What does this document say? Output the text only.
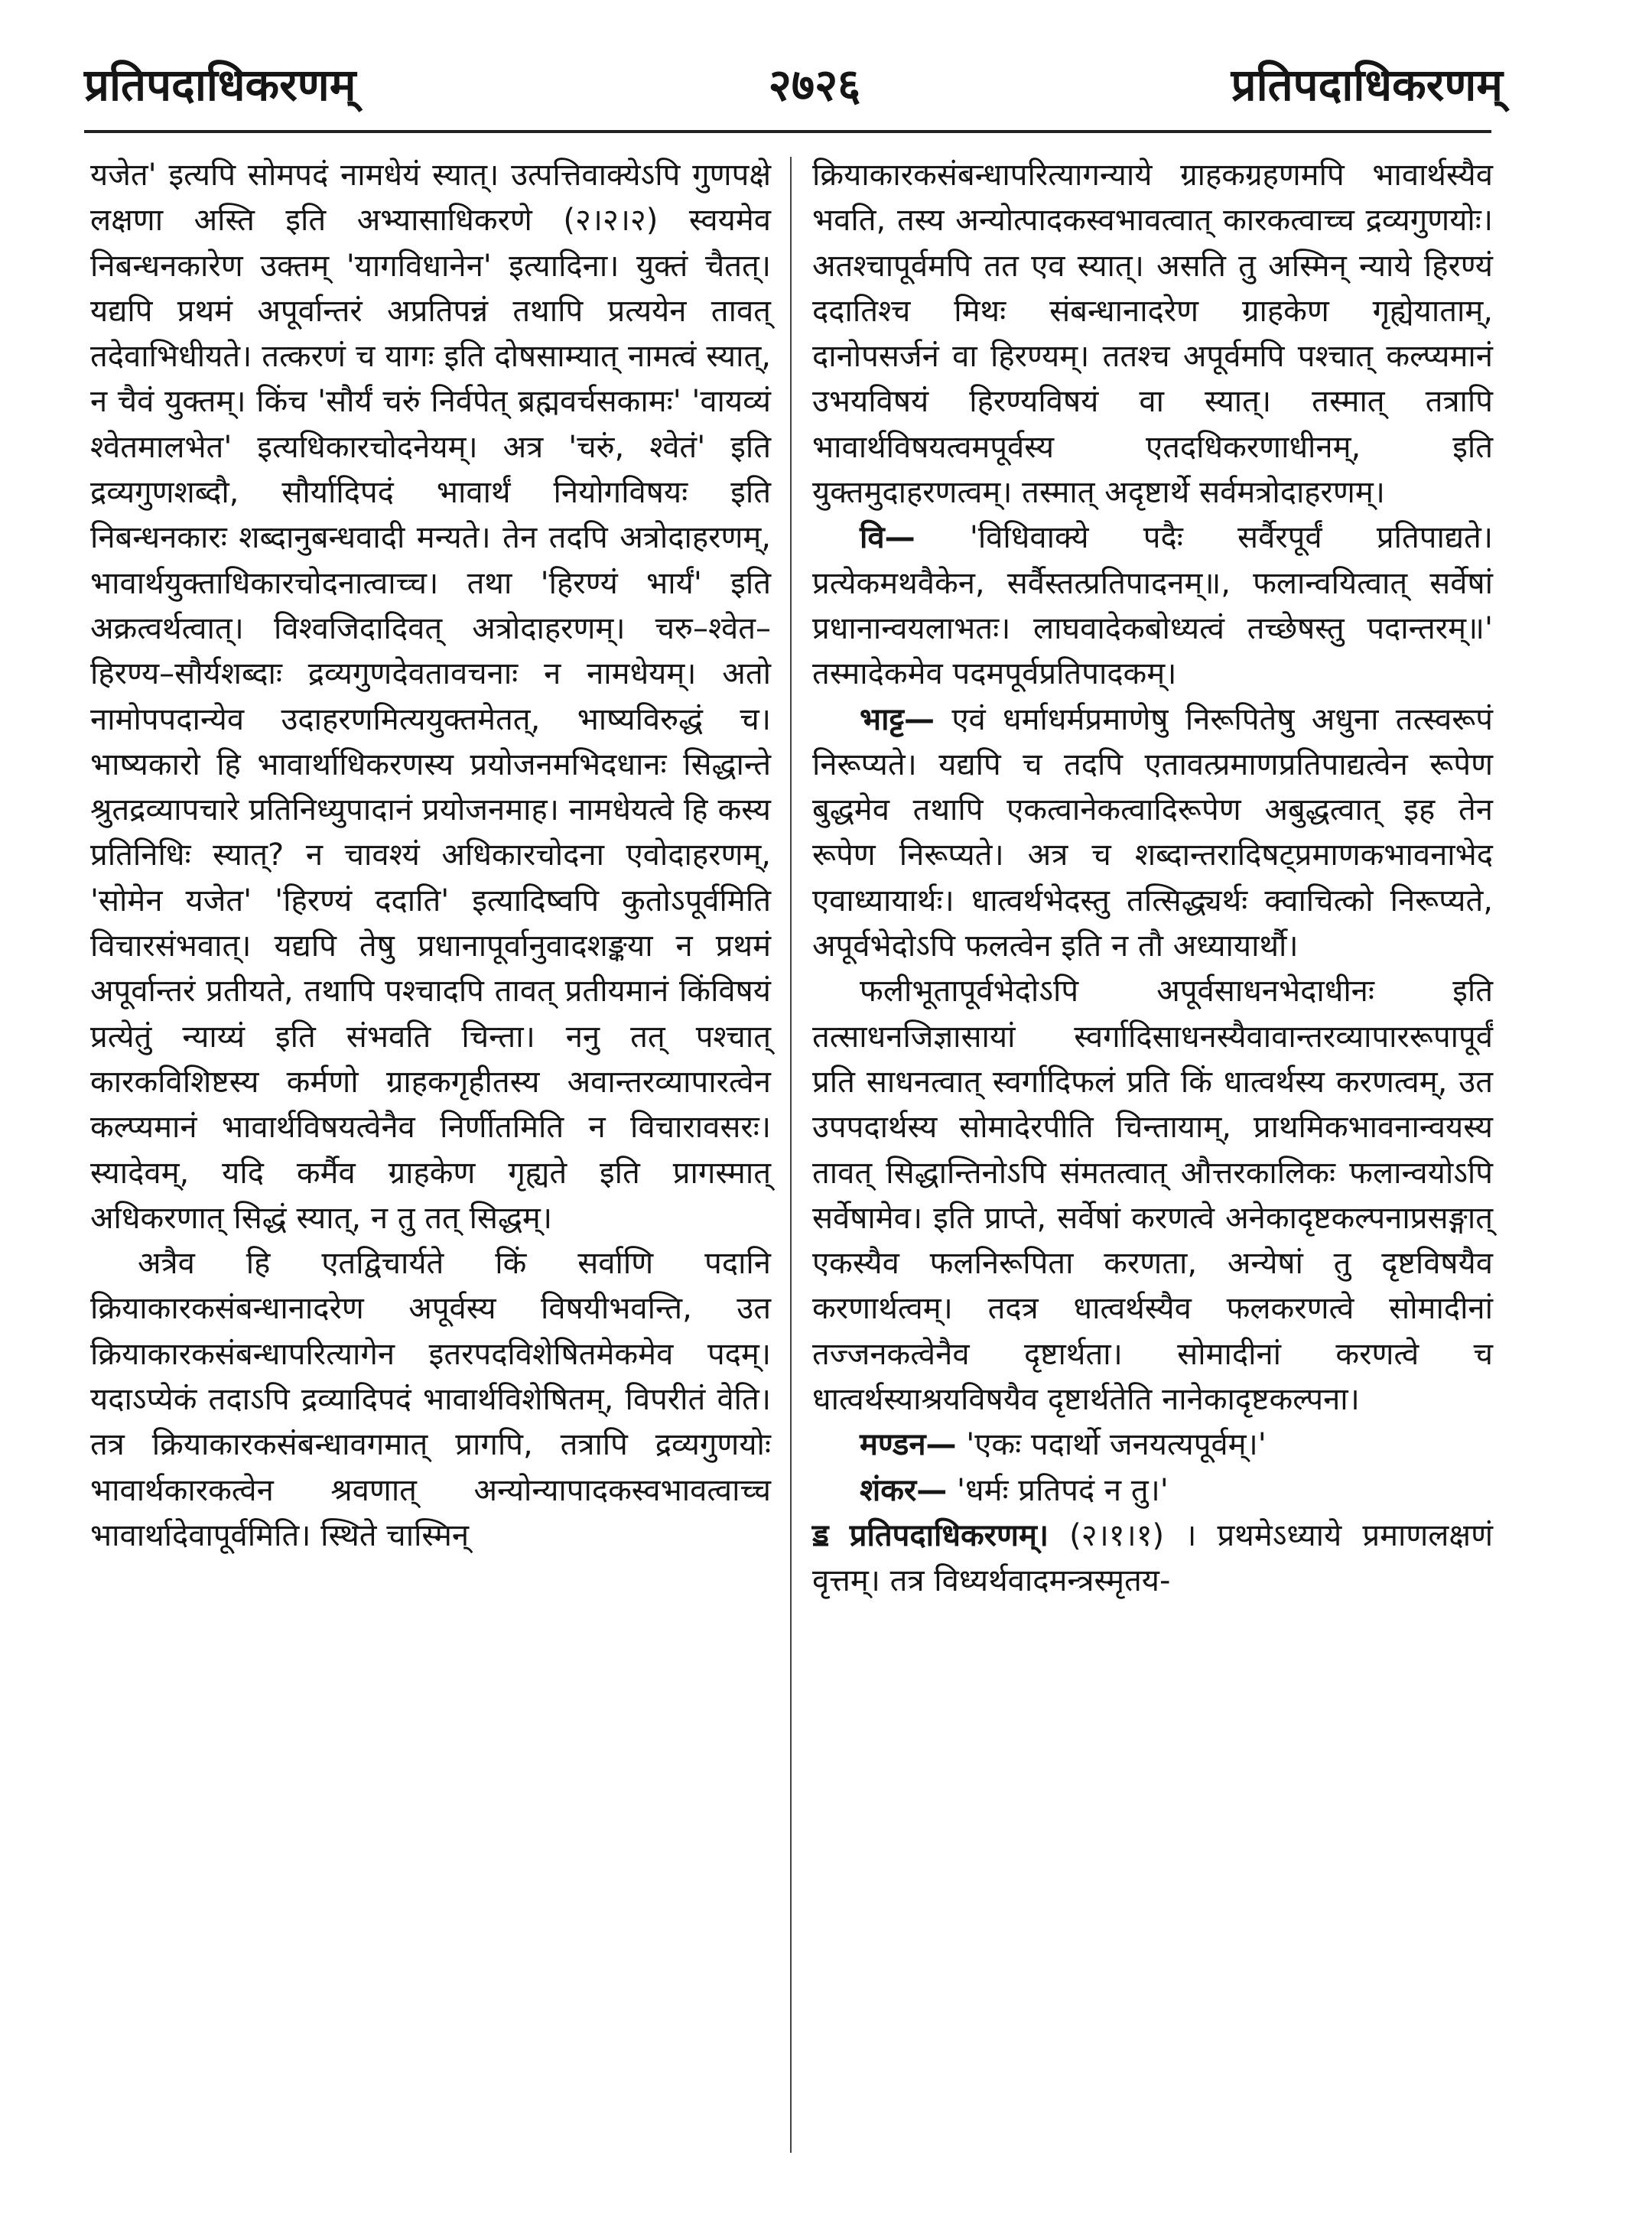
प्रतिपदाधिकरणम्	२७२६	प्रतिपदाधिकरणम्

यजेत' इत्यपि सोमपदं नामधेयं स्यात्। उत्पत्तिवाक्येऽपि गुणपक्षे लक्षणा अस्ति इति अभ्यासाधिकरणे (२।२।२) स्वयमेव निबन्धनकारेण उक्तम् 'यागविधानेन' इत्यादिना। युक्तं चैतत्। यद्यपि प्रथमं अपूर्वान्तरं अप्रतिपन्नं तथापि प्रत्ययेन तावत् तदेवाभिधीयते। तत्करणं च यागः इति दोषसाम्यात् नामत्वं स्यात्, न चैवं युक्तम्। किंच 'सौर्यं चरुं निर्वपेत् ब्रह्मवर्चसकामः' 'वायव्यं श्वेतमालभेत' इत्यधिकारचोदनेयम्। अत्र 'चरुं, श्वेतं' इति द्रव्यगुणशब्दौ, सौर्यादिपदं भावार्थं नियोगविषयः इति निबन्धनकारः शब्दानुबन्धवादी मन्यते। तेन तदपि अत्रोदाहरणम्, भावार्थयुक्ताधिकारचोदनात्वाच्च। तथा 'हिरण्यं भार्यं' इति अक्रत्वर्थत्वात्। विश्वजिदादिवत् अत्रोदाहरणम्। चरु–श्वेत–हिरण्य–सौर्यशब्दाः द्रव्यगुणदेवतावचनाः न नामधेयम्। अतो नामोपपदान्येव उदाहरणमित्ययुक्तमेतत्, भाष्यविरुद्धं च। भाष्यकारो हि भावार्थाधिकरणस्य प्रयोजनमभिदधानः सिद्धान्ते श्रुतद्रव्यापचारे प्रतिनिध्युपादानं प्रयोजनमाह। नामधेयत्वे हि कस्य प्रतिनिधिः स्यात्? न चावश्यं अधिकारचोदना एवोदाहरणम्, 'सोमेन यजेत' 'हिरण्यं ददाति' इत्यादिष्वपि कुतोऽपूर्वमिति विचारसंभवात्। यद्यपि तेषु प्रधानापूर्वानुवादशङ्कया न प्रथमं अपूर्वान्तरं प्रतीयते, तथापि पश्चादपि तावत् प्रतीयमानं किंविषयं प्रत्येतुं न्याय्यं इति संभवति चिन्ता। ननु तत् पश्चात् कारकविशिष्टस्य कर्मणो ग्राहकगृहीतस्य अवान्तरव्यापारत्वेन कल्प्यमानं भावार्थविषयत्वेनैव निर्णीतमिति न विचारावसरः। स्यादेवम्, यदि कर्मैव ग्राहकेण गृह्यते इति प्रागस्मात् अधिकरणात् सिद्धं स्यात्, न तु तत् सिद्धम्।

अत्रैव हि एतद्विचार्यते किं सर्वाणि पदानि क्रियाकारकसंबन्धानादरेण अपूर्वस्य विषयीभवन्ति, उत क्रियाकारकसंबन्धापरित्यागेन इतरपदविशेषितमेकमेव पदम्। यदाऽप्येकं तदाऽपि द्रव्यादिपदं भावार्थविशेषितम्, विपरीतं वेति। तत्र क्रियाकारकसंबन्धावगमात् प्रागपि, तत्रापि द्रव्यगुणयोः भावार्थकारकत्वेन श्रवणात् अन्योन्यापादकस्वभावत्वाच्च भावार्थादेवापूर्वमिति। स्थिते चास्मिन्

क्रियाकारकसंबन्धापरित्यागन्याये ग्राहकग्रहणमपि भावार्थस्यैव भवति, तस्य अन्योत्पादकस्वभावत्वात् कारकत्वाच्च द्रव्यगुणयोः। अतश्चापूर्वमपि तत एव स्यात्। असति तु अस्मिन् न्याये हिरण्यं ददातिश्च मिथः संबन्धानादरेण ग्राहकेण गृह्येयाताम्, दानोपसर्जनं वा हिरण्यम्। ततश्च अपूर्वमपि पश्चात् कल्प्यमानं उभयविषयं हिरण्यविषयं वा स्यात्। तस्मात् तत्रापि भावार्थविषयत्वमपूर्वस्य एतदधिकरणाधीनम्, इति युक्तमुदाहरणत्वम्। तस्मात् अदृष्टार्थे सर्वमत्रोदाहरणम्।

वि— 'विधिवाक्ये पदैः सर्वैरपूर्वं प्रतिपाद्यते। प्रत्येकमथवैकेन, सर्वैस्तत्प्रतिपादनम्॥, फलान्वयित्वात् सर्वेषां प्रधानान्वयलाभतः। लाघवादेकबोध्यत्वं तच्छेषस्तु पदान्तरम्॥' तस्मादेकमेव पदमपूर्वप्रतिपादकम्।

भाट्ट— एवं धर्माधर्मप्रमाणेषु निरूपितेषु अधुना तत्स्वरूपं निरूप्यते। यद्यपि च तदपि एतावत्प्रमाणप्रतिपाद्यत्वेन रूपेण बुद्धमेव तथापि एकत्वानेकत्वादिरूपेण अबुद्धत्वात् इह तेन रूपेण निरूप्यते। अत्र च शब्दान्तरादिषट्प्रमाणकभावनाभेद एवाध्यायार्थः। धात्वर्थभेदस्तु तत्सिद्ध्यर्थः क्वाचित्को निरूप्यते, अपूर्वभेदोऽपि फलत्वेन इति न तौ अध्यायार्थौ।

फलीभूतापूर्वभेदोऽपि अपूर्वसाधनभेदाधीनः इति तत्साधनजिज्ञासायां स्वर्गादिसाधनस्यैवावान्तरव्यापाररूपापूर्वं प्रति साधनत्वात् स्वर्गादिफलं प्रति किं धात्वर्थस्य करणत्वम्, उत उपपदार्थस्य सोमादेरपीति चिन्तायाम्, प्राथमिकभावनान्वयस्य तावत् सिद्धान्तिनोऽपि संमतत्वात् औत्तरकालिकः फलान्वयोऽपि सर्वेषामेव। इति प्राप्ते, सर्वेषां करणत्वे अनेकादृष्टकल्पनाप्रसङ्गात् एकस्यैव फलनिरूपिता करणता, अन्येषां तु दृष्टविषयैव करणार्थत्वम्। तदत्र धात्वर्थस्यैव फलकरणत्वे सोमादीनां तज्जनकत्वेनैव दृष्टार्थता। सोमादीनां करणत्वे च धात्वर्थस्याश्रयविषयैव दृष्टार्थतेति नानेकादृष्टकल्पना।

मण्डन— 'एकः पदार्थो जनयत्यपूर्वम्।'

शंकर— 'धर्मः प्रतिपदं न तु।'

ॾ प्रतिपदाधिकरणम्। (२।१।१) । प्रथमेऽध्याये प्रमाणलक्षणं वृत्तम्। तत्र विध्यर्थवादमन्त्रस्मृतय-
